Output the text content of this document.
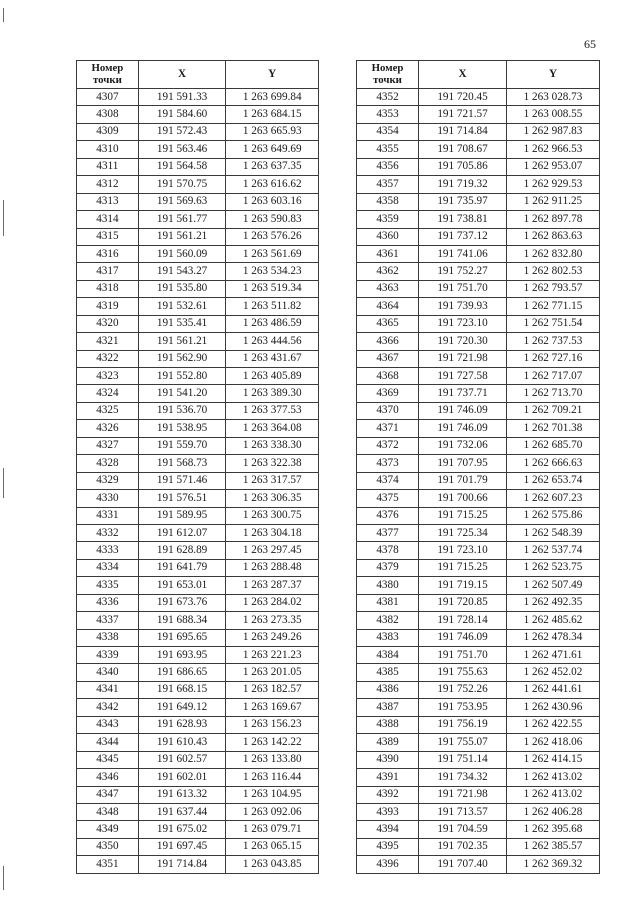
65
Номер точки	X	Y
4307	191 591.33	1 263 699.84
4308	191 584.60	1 263 684.15
4309	191 572.43	1 263 665.93
4310	191 563.46	1 263 649.69
4311	191 564.58	1 263 637.35
4312	191 570.75	1 263 616.62
4313	191 569.63	1 263 603.16
4314	191 561.77	1 263 590.83
4315	191 561.21	1 263 576.26
4316	191 560.09	1 263 561.69
4317	191 543.27	1 263 534.23
4318	191 535.80	1 263 519.34
4319	191 532.61	1 263 511.82
4320	191 535.41	1 263 486.59
4321	191 561.21	1 263 444.56
4322	191 562.90	1 263 431.67
4323	191 552.80	1 263 405.89
4324	191 541.20	1 263 389.30
4325	191 536.70	1 263 377.53
4326	191 538.95	1 263 364.08
4327	191 559.70	1 263 338.30
4328	191 568.73	1 263 322.38
4329	191 571.46	1 263 317.57
4330	191 576.51	1 263 306.35
4331	191 589.95	1 263 300.75
4332	191 612.07	1 263 304.18
4333	191 628.89	1 263 297.45
4334	191 641.79	1 263 288.48
4335	191 653.01	1 263 287.37
4336	191 673.76	1 263 284.02
4337	191 688.34	1 263 273.35
4338	191 695.65	1 263 249.26
4339	191 693.95	1 263 221.23
4340	191 686.65	1 263 201.05
4341	191 668.15	1 263 182.57
4342	191 649.12	1 263 169.67
4343	191 628.93	1 263 156.23
4344	191 610.43	1 263 142.22
4345	191 602.57	1 263 133.80
4346	191 602.01	1 263 116.44
4347	191 613.32	1 263 104.95
4348	191 637.44	1 263 092.06
4349	191 675.02	1 263 079.71
4350	191 697.45	1 263 065.15
4351	191 714.84	1 263 043.85
Номер точки	X	Y
4352	191 720.45	1 263 028.73
4353	191 721.57	1 263 008.55
4354	191 714.84	1 262 987.83
4355	191 708.67	1 262 966.53
4356	191 705.86	1 262 953.07
4357	191 719.32	1 262 929.53
4358	191 735.97	1 262 911.25
4359	191 738.81	1 262 897.78
4360	191 737.12	1 262 863.63
4361	191 741.06	1 262 832.80
4362	191 752.27	1 262 802.53
4363	191 751.70	1 262 793.57
4364	191 739.93	1 262 771.15
4365	191 723.10	1 262 751.54
4366	191 720.30	1 262 737.53
4367	191 721.98	1 262 727.16
4368	191 727.58	1 262 717.07
4369	191 737.71	1 262 713.70
4370	191 746.09	1 262 709.21
4371	191 746.09	1 262 701.38
4372	191 732.06	1 262 685.70
4373	191 707.95	1 262 666.63
4374	191 701.79	1 262 653.74
4375	191 700.66	1 262 607.23
4376	191 715.25	1 262 575.86
4377	191 725.34	1 262 548.39
4378	191 723.10	1 262 537.74
4379	191 715.25	1 262 523.75
4380	191 719.15	1 262 507.49
4381	191 720.85	1 262 492.35
4382	191 728.14	1 262 485.62
4383	191 746.09	1 262 478.34
4384	191 751.70	1 262 471.61
4385	191 755.63	1 262 452.02
4386	191 752.26	1 262 441.61
4387	191 753.95	1 262 430.96
4388	191 756.19	1 262 422.55
4389	191 755.07	1 262 418.06
4390	191 751.14	1 262 414.15
4391	191 734.32	1 262 413.02
4392	191 721.98	1 262 413.02
4393	191 713.57	1 262 406.28
4394	191 704.59	1 262 395.68
4395	191 702.35	1 262 385.57
4396	191 707.40	1 262 369.32
